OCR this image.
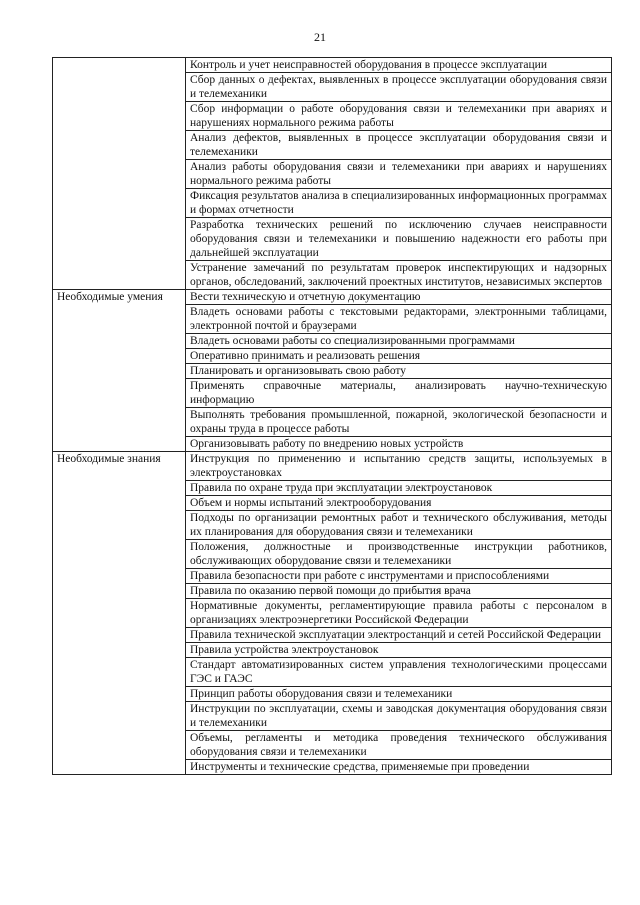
21
	Контроль и учет неисправностей оборудования в процессе эксплуатации
	Сбор данных о дефектах, выявленных в процессе эксплуатации оборудования связи и телемеханики
	Сбор информации о работе оборудования связи и телемеханики при авариях и нарушениях нормального режима работы
	Анализ дефектов, выявленных в процессе эксплуатации оборудования связи и телемеханики
	Анализ работы оборудования связи и телемеханики при авариях и нарушениях нормального режима работы
	Фиксация результатов анализа в специализированных информационных программах и формах отчетности
	Разработка технических решений по исключению случаев неисправности оборудования связи и телемеханики и повышению надежности его работы при дальнейшей эксплуатации
	Устранение замечаний по результатам проверок инспектирующих и надзорных органов, обследований, заключений проектных институтов, независимых экспертов
Необходимые умения	Вести техническую и отчетную документацию
	Владеть основами работы с текстовыми редакторами, электронными таблицами, электронной почтой и браузерами
	Владеть основами работы со специализированными программами
	Оперативно принимать и реализовать решения
	Планировать и организовывать свою работу
	Применять справочные материалы, анализировать научно-техническую информацию
	Выполнять требования промышленной, пожарной, экологической безопасности и охраны труда в процессе работы
	Организовывать работу по внедрению новых устройств
Необходимые знания	Инструкция по применению и испытанию средств защиты, используемых в электроустановках
	Правила по охране труда при эксплуатации электроустановок
	Объем и нормы испытаний электрооборудования
	Подходы по организации ремонтных работ и технического обслуживания, методы их планирования для оборудования связи и телемеханики
	Положения, должностные и производственные инструкции работников, обслуживающих оборудование связи и телемеханики
	Правила безопасности при работе с инструментами и приспособлениями
	Правила по оказанию первой помощи до прибытия врача
	Нормативные документы, регламентирующие правила работы с персоналом в организациях электроэнергетики Российской Федерации
	Правила технической эксплуатации электростанций и сетей Российской Федерации
	Правила устройства электроустановок
	Стандарт автоматизированных систем управления технологическими процессами ГЭС и ГАЭС
	Принцип работы оборудования связи и телемеханики
	Инструкции по эксплуатации, схемы и заводская документация оборудования связи и телемеханики
	Объемы, регламенты и методика проведения технического обслуживания оборудования связи и телемеханики
	Инструменты и технические средства, применяемые при проведении
